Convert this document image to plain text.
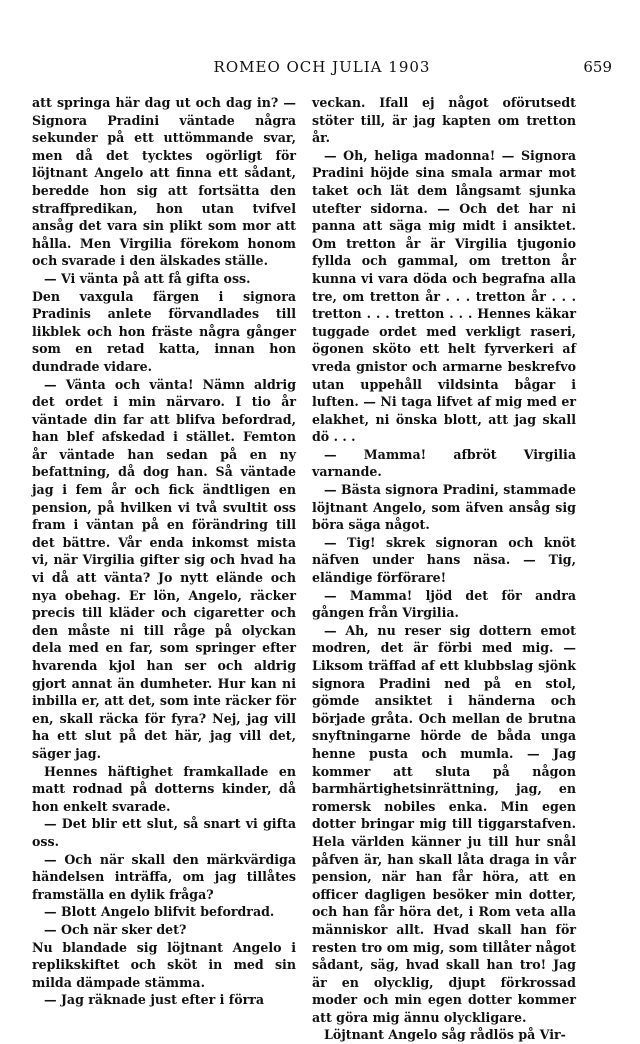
ROMEO OCH JULIA 1903	659

att springa här dag ut och dag in? — Signora Pradini väntade några sekunder på ett uttömmande svar, men då det tycktes ogörligt för löjtnant Angelo att finna ett sådant, beredde hon sig att fortsätta den straffpredikan, hon utan tvifvel ansåg det vara sin plikt som mor att hålla. Men Virgilia förekom honom och svarade i den älskades ställe.

— Vi vänta på att få gifta oss.

Den vaxgula färgen i signora Pradinis anlete förvandlades till likblek och hon fräste några gånger som en retad katta, innan hon dundrade vidare.

— Vänta och vänta! Nämn aldrig det ordet i min närvaro. I tio år väntade din far att blifva befordrad, han blef afskedad i stället. Femton år väntade han sedan på en ny befattning, då dog han. Så väntade jag i fem år och fick ändtligen en pension, på hvilken vi två svultit oss fram i väntan på en förändring till det bättre. Vår enda inkomst mista vi, när Virgilia gifter sig och hvad ha vi då att vänta? Jo nytt elände och nya obehag. Er lön, Angelo, räcker precis till kläder och cigaretter och den måste ni till råge på olyckan dela med en far, som springer efter hvarenda kjol han ser och aldrig gjort annat än dumheter. Hur kan ni inbilla er, att det, som inte räcker för en, skall räcka för fyra? Nej, jag vill ha ett slut på det här, jag vill det, säger jag.

Hennes häftighet framkallade en matt rodnad på dotterns kinder, då hon enkelt svarade.

— Det blir ett slut, så snart vi gifta oss.

— Och när skall den märkvärdiga händelsen inträffa, om jag tillåtes framställa en dylik fråga?

— Blott Angelo blifvit befordrad.

— Och när sker det?

Nu blandade sig löjtnant Angelo i replikskiftet och sköt in med sin milda dämpade stämma.

— Jag räknade just efter i förra

veckan. Ifall ej något oförutsedt stöter till, är jag kapten om tretton år.

— Oh, heliga madonna! — Signora Pradini höjde sina smala armar mot taket och lät dem långsamt sjunka utefter sidorna. — Och det har ni panna att säga mig midt i ansiktet. Om tretton år är Virgilia tjugonio fyllda och gammal, om tretton år kunna vi vara döda och begrafna alla tre, om tretton år . . . tretton år . . . tretton . . . tretton . . . Hennes käkar tuggade ordet med verkligt raseri, ögonen sköto ett helt fyrverkeri af vreda gnistor och armarne beskrefvo utan uppehåll vildsinta bågar i luften. — Ni taga lifvet af mig med er elakhet, ni önska blott, att jag skall dö . . .

— Mamma! afbröt Virgilia varnande.

— Bästa signora Pradini, stammade löjtnant Angelo, som äfven ansåg sig böra säga något.

— Tig! skrek signoran och knöt näfven under hans näsa. — Tig, eländige förförare!

— Mamma! ljöd det för andra gången från Virgilia.

— Ah, nu reser sig dottern emot modren, det är förbi med mig. — Liksom träffad af ett klubbslag sjönk signora Pradini ned på en stol, gömde ansiktet i händerna och började gråta. Och mellan de brutna snyftningarne hörde de båda unga henne pusta och mumla. — Jag kommer att sluta på någon barmhärtighetsinrättning, jag, en romersk nobiles enka. Min egen dotter bringar mig till tiggarstafven. Hela världen känner ju till hur snål påfven är, han skall låta draga in vår pension, när han får höra, att en officer dagligen besöker min dotter, och han får höra det, i Rom veta alla människor allt. Hvad skall han för resten tro om mig, som tillåter något sådant, säg, hvad skall han tro! Jag är en olycklig, djupt förkrossad moder och min egen dotter kommer att göra mig ännu olyckligare.

Löjtnant Angelo såg rådlös på Vir-
